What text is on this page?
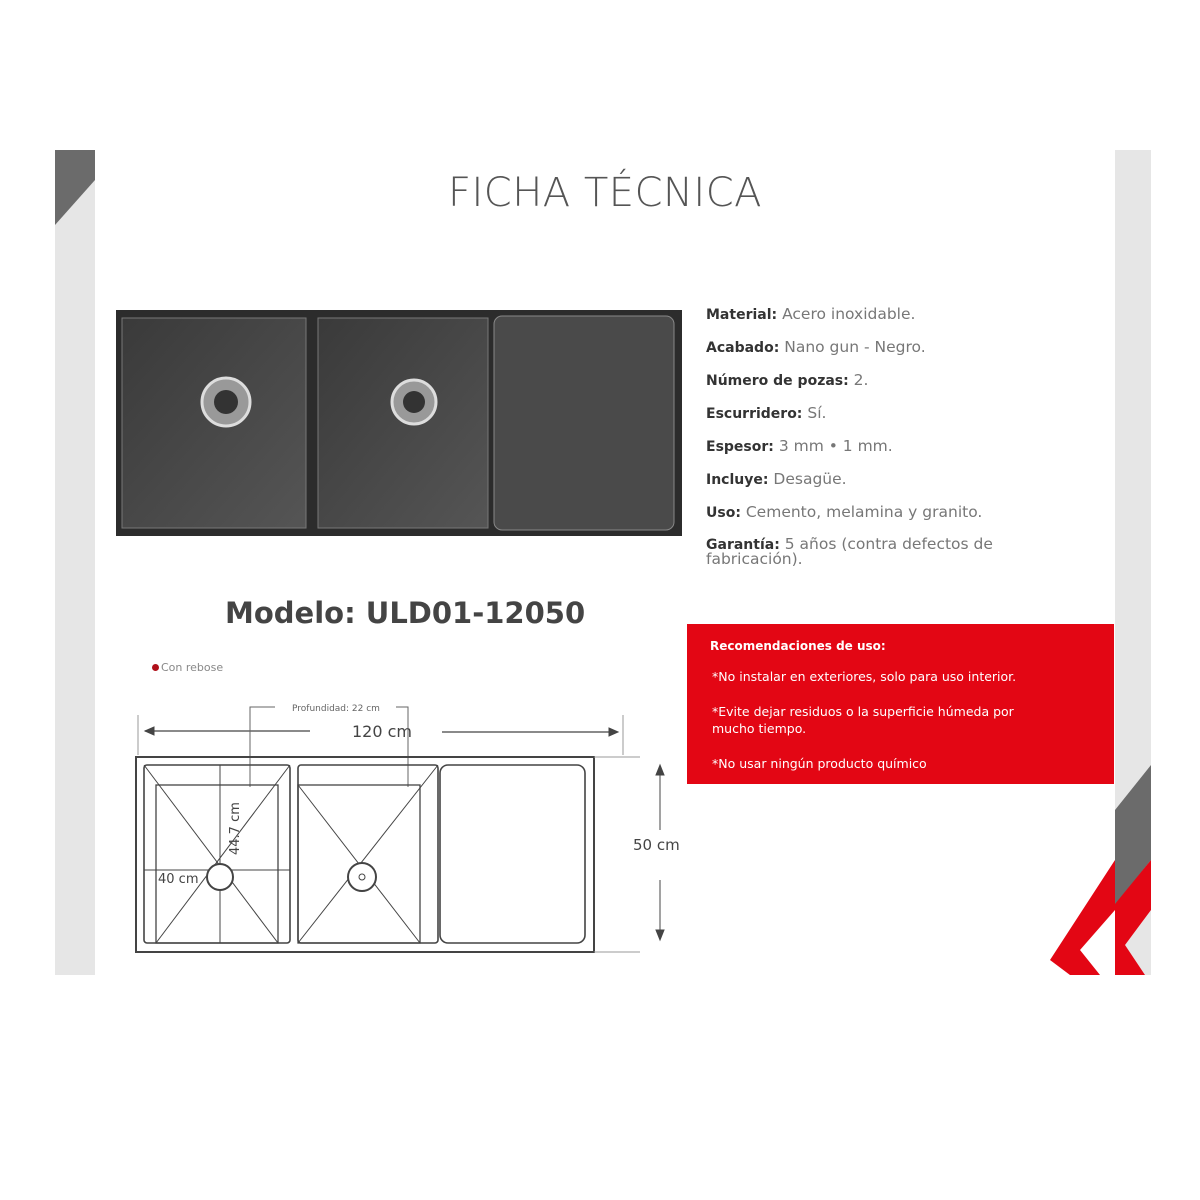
FICHA TÉCNICA
Material: Acero inoxidable.
Acabado: Nano gun - Negro.
Número de pozas: 2.
Escurridero: Sí.
Espesor: 3 mm • 1 mm.
Incluye: Desagüe.
Uso: Cemento, melamina y granito.
Garantía: 5 años (contra defectos de fabricación).
Modelo: ULD01-12050
Recomendaciones de uso:
*No instalar en exteriores, solo para uso interior.
*Evite dejar residuos o la superficie húmeda por mucho tiempo.
*No usar ningún producto químico
Con rebose
120 cm
Profundidad: 22 cm
50 cm
40 cm
44.7 cm
